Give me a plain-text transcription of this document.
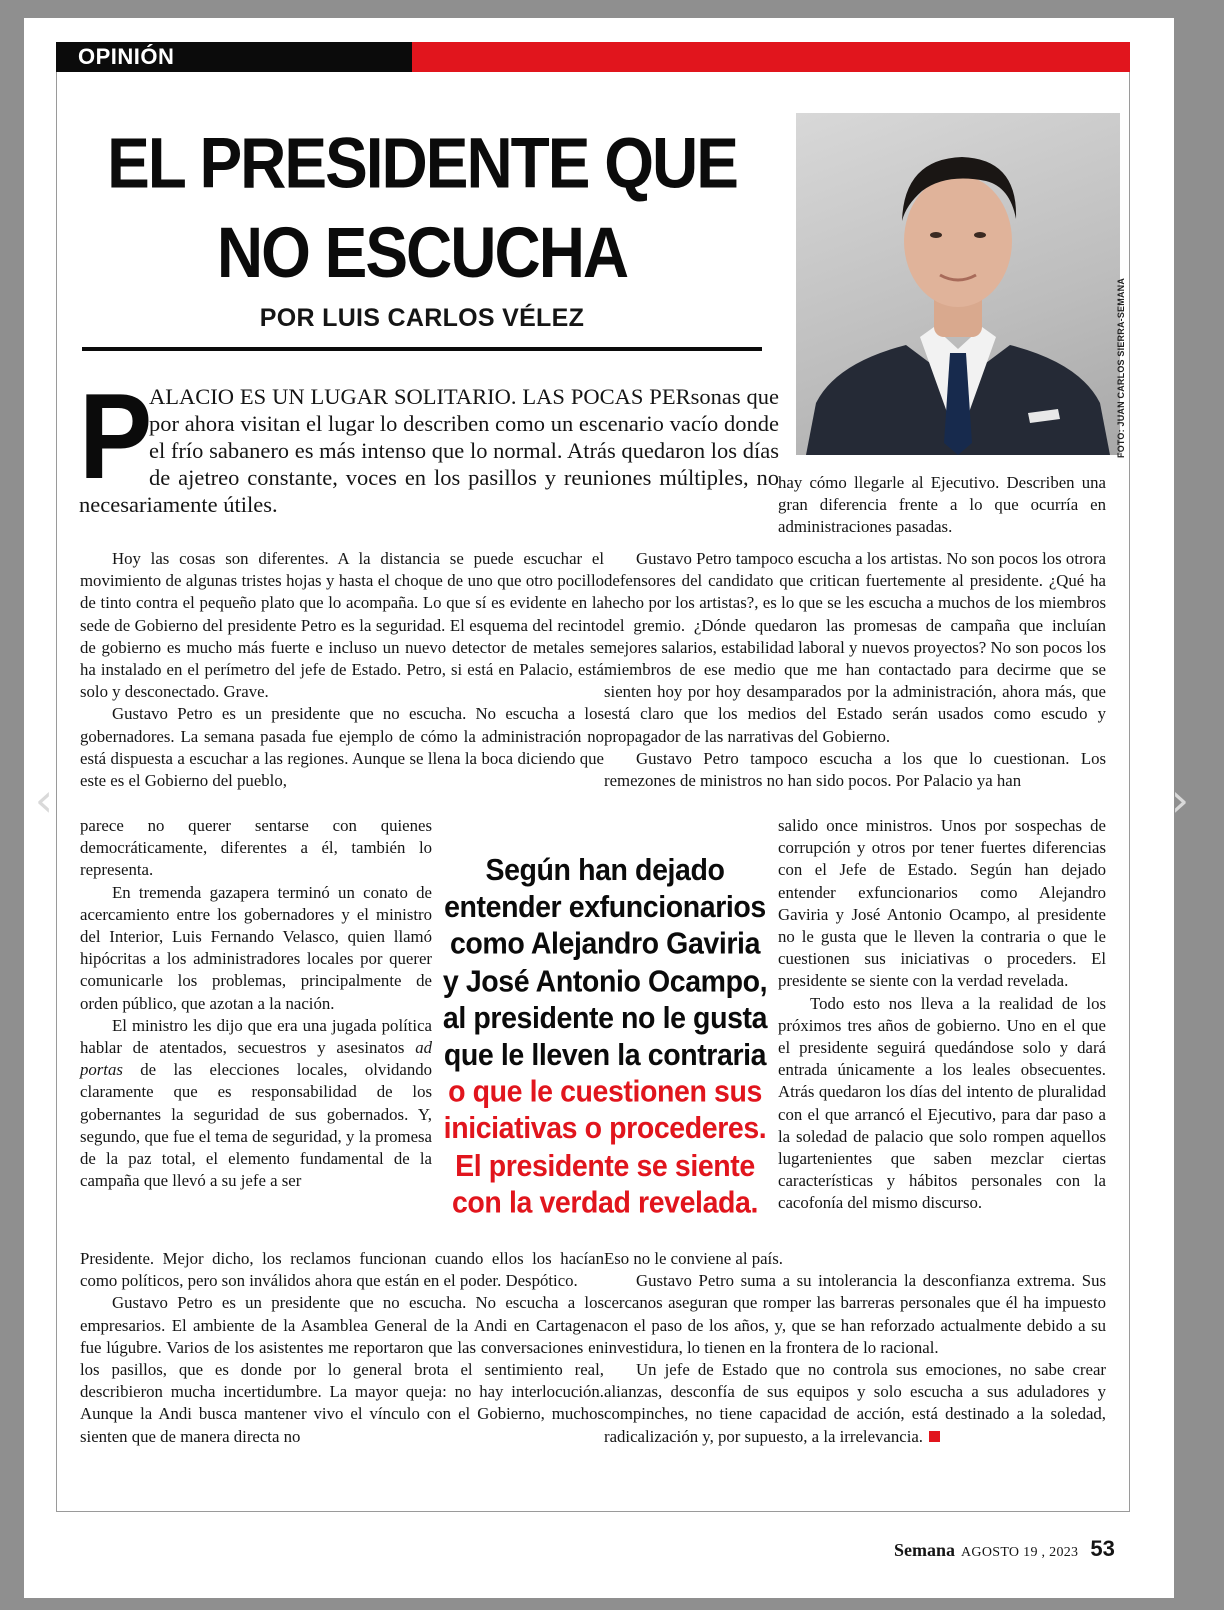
OPINIÓN
EL PRESIDENTE QUE
NO ESCUCHA
POR LUIS CARLOS VÉLEZ	FOTO: JUAN CARLOS SIERRA-SEMANA
P
ALACIO ES UN LUGAR SOLITARIO. LAS POCAS PERsonas que por ahora visitan el lugar lo describen como un escenario vacío donde el frío sabanero es más intenso que lo normal. Atrás quedaron los días de ajetreo constante, voces en los pasillos y reuniones múltiples, no necesariamente útiles.

Hoy las cosas son diferentes. A la distancia se puede escuchar el movimiento de algunas tristes hojas y hasta el choque de uno que otro pocillo de tinto contra el pequeño plato que lo acompaña. Lo que sí es evidente en la sede de Gobierno del presidente Petro es la seguridad. El esquema del recinto de gobierno es mucho más fuerte e incluso un nuevo detector de metales se ha instalado en el perímetro del jefe de Estado. Petro, si está en Palacio, está solo y desconectado. Grave.

Gustavo Petro es un presidente que no escucha. No escucha a los gobernadores. La semana pasada fue ejemplo de cómo la administración no está dispuesta a escuchar a las regiones. Aunque se llena la boca diciendo que este es el Gobierno del pueblo,

parece no querer sentarse con quienes democráticamente, diferentes a él, también lo representa.

En tremenda gazapera terminó un conato de acercamiento entre los gobernadores y el ministro del Interior, Luis Fernando Velasco, quien llamó hipócritas a los administradores locales por querer comunicarle los problemas, principalmente de orden público, que azotan a la nación.

El ministro les dijo que era una jugada política hablar de atentados, secuestros y asesinatos ad portas de las elecciones locales, olvidando claramente que es responsabilidad de los gobernantes la seguridad de sus gobernados. Y, segundo, que fue el tema de seguridad, y la promesa de la paz total, el elemento fundamental de la campaña que llevó a su jefe a ser

Presidente. Mejor dicho, los reclamos funcionan cuando ellos los hacían como políticos, pero son inválidos ahora que están en el poder. Despótico.

Gustavo Petro es un presidente que no escucha. No escucha a los empresarios. El ambiente de la Asamblea General de la Andi en Cartagena fue lúgubre. Varios de los asistentes me reportaron que las conversaciones en los pasillos, que es donde por lo general brota el sentimiento real, describieron mucha incertidumbre. La mayor queja: no hay interlocución. Aunque la Andi busca mantener vivo el vínculo con el Gobierno, muchos sienten que de manera directa no

hay cómo llegarle al Ejecutivo. Describen una gran diferencia frente a lo que ocurría en administraciones pasadas.

Gustavo Petro tampoco escucha a los artistas. No son pocos los otrora defensores del candidato que critican fuertemente al presidente. ¿Qué ha hecho por los artistas?, es lo que se les escucha a muchos de los miembros del gremio. ¿Dónde quedaron las promesas de campaña que incluían mejores salarios, estabilidad laboral y nuevos proyectos? No son pocos los miembros de ese medio que me han contactado para decirme que se sienten hoy por hoy desamparados por la administración, ahora más, que está claro que los medios del Estado serán usados como escudo y propagador de las narrativas del Gobierno.

Gustavo Petro tampoco escucha a los que lo cuestionan. Los remezones de ministros no han sido pocos. Por Palacio ya han

salido once ministros. Unos por sospechas de corrupción y otros por tener fuertes diferencias con el Jefe de Estado. Según han dejado entender exfuncionarios como Alejandro Gaviria y José Antonio Ocampo, al presidente no le gusta que le lleven la contraria o que le cuestionen sus iniciativas o proceders. El presidente se siente con la verdad revelada.

Todo esto nos lleva a la realidad de los próximos tres años de gobierno. Uno en el que el presidente seguirá quedándose solo y dará entrada únicamente a los leales obsecuentes. Atrás quedaron los días del intento de pluralidad con el que arrancó el Ejecutivo, para dar paso a la soledad de palacio que solo rompen aquellos lugartenientes que saben mezclar ciertas características y hábitos personales con la cacofonía del mismo discurso.

Eso no le conviene al país.

Gustavo Petro suma a su intolerancia la desconfianza extrema. Sus cercanos aseguran que romper las barreras personales que él ha impuesto con el paso de los años, y, que se han reforzado actualmente debido a su investidura, lo tienen en la frontera de lo racional.

Un jefe de Estado que no controla sus emociones, no sabe crear alianzas, desconfía de sus equipos y solo escucha a sus aduladores y compinches, no tiene capacidad de acción, está destinado a la soledad, radicalización y, por supuesto, a la irrelevancia.

Según han dejado entender exfuncionarios como Alejandro Gaviria y José Antonio Ocampo, al presidente no le gusta que le lleven la contraria o que le cuestionen sus iniciativas o procederes. El presidente se siente con la verdad revelada.
Semana AGOSTO 19 , 2023 53
‹	›
